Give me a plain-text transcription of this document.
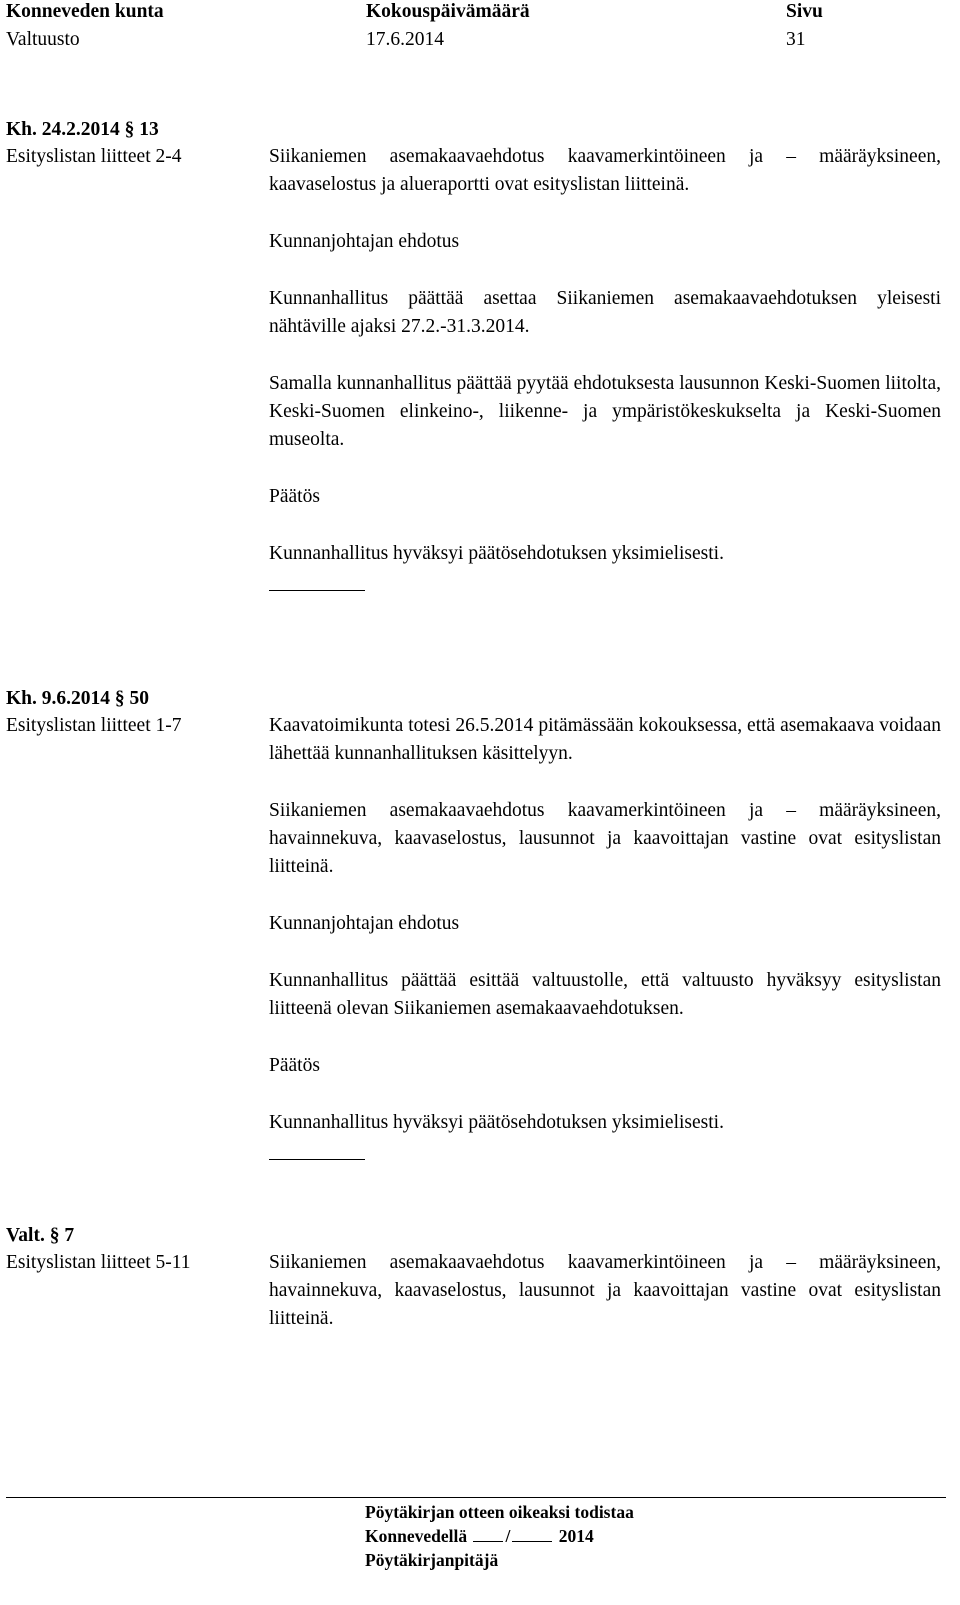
Konneveden kunta	Kokouspäivämäärä	Sivu
Valtuusto	17.6.2014	31
Kh. 24.2.2014 § 13
Esityslistan liitteet 2-4	Siikaniemen asemakaavaehdotus kaavamerkintöineen ja – määräyksineen, kaavaselostus ja alueraportti ovat esityslistan liitteinä.

Kunnanjohtajan ehdotus

Kunnanhallitus päättää asettaa Siikaniemen asemakaavaehdotuksen yleisesti nähtäville ajaksi 27.2.-31.3.2014.

Samalla kunnanhallitus päättää pyytää ehdotuksesta lausunnon Keski-Suomen liitolta, Keski-Suomen elinkeino-, liikenne- ja ympäristökeskukselta ja Keski-Suomen museolta.

Päätös

Kunnanhallitus hyväksyi päätösehdotuksen yksimielisesti.

Kh. 9.6.2014 § 50
Esityslistan liitteet 1-7	Kaavatoimikunta totesi 26.5.2014 pitämässään kokouksessa, että asemakaava voidaan lähettää kunnanhallituksen käsittelyyn.

Siikaniemen asemakaavaehdotus kaavamerkintöineen ja – määräyksineen, havainnekuva, kaavaselostus, lausunnot ja kaavoittajan vastine ovat esityslistan liitteinä.

Kunnanjohtajan ehdotus

Kunnanhallitus päättää esittää valtuustolle, että valtuusto hyväksyy esityslistan liitteenä olevan Siikaniemen asemakaavaehdotuksen.

Päätös

Kunnanhallitus hyväksyi päätösehdotuksen yksimielisesti.

Valt. § 7
Esityslistan liitteet 5-11	Siikaniemen asemakaavaehdotus kaavamerkintöineen ja – määräyksineen, havainnekuva, kaavaselostus, lausunnot ja kaavoittajan vastine ovat esityslistan liitteinä.

Pöytäkirjan otteen oikeaksi todistaa
Konnevedellä /	2014
Pöytäkirjanpitäjä
